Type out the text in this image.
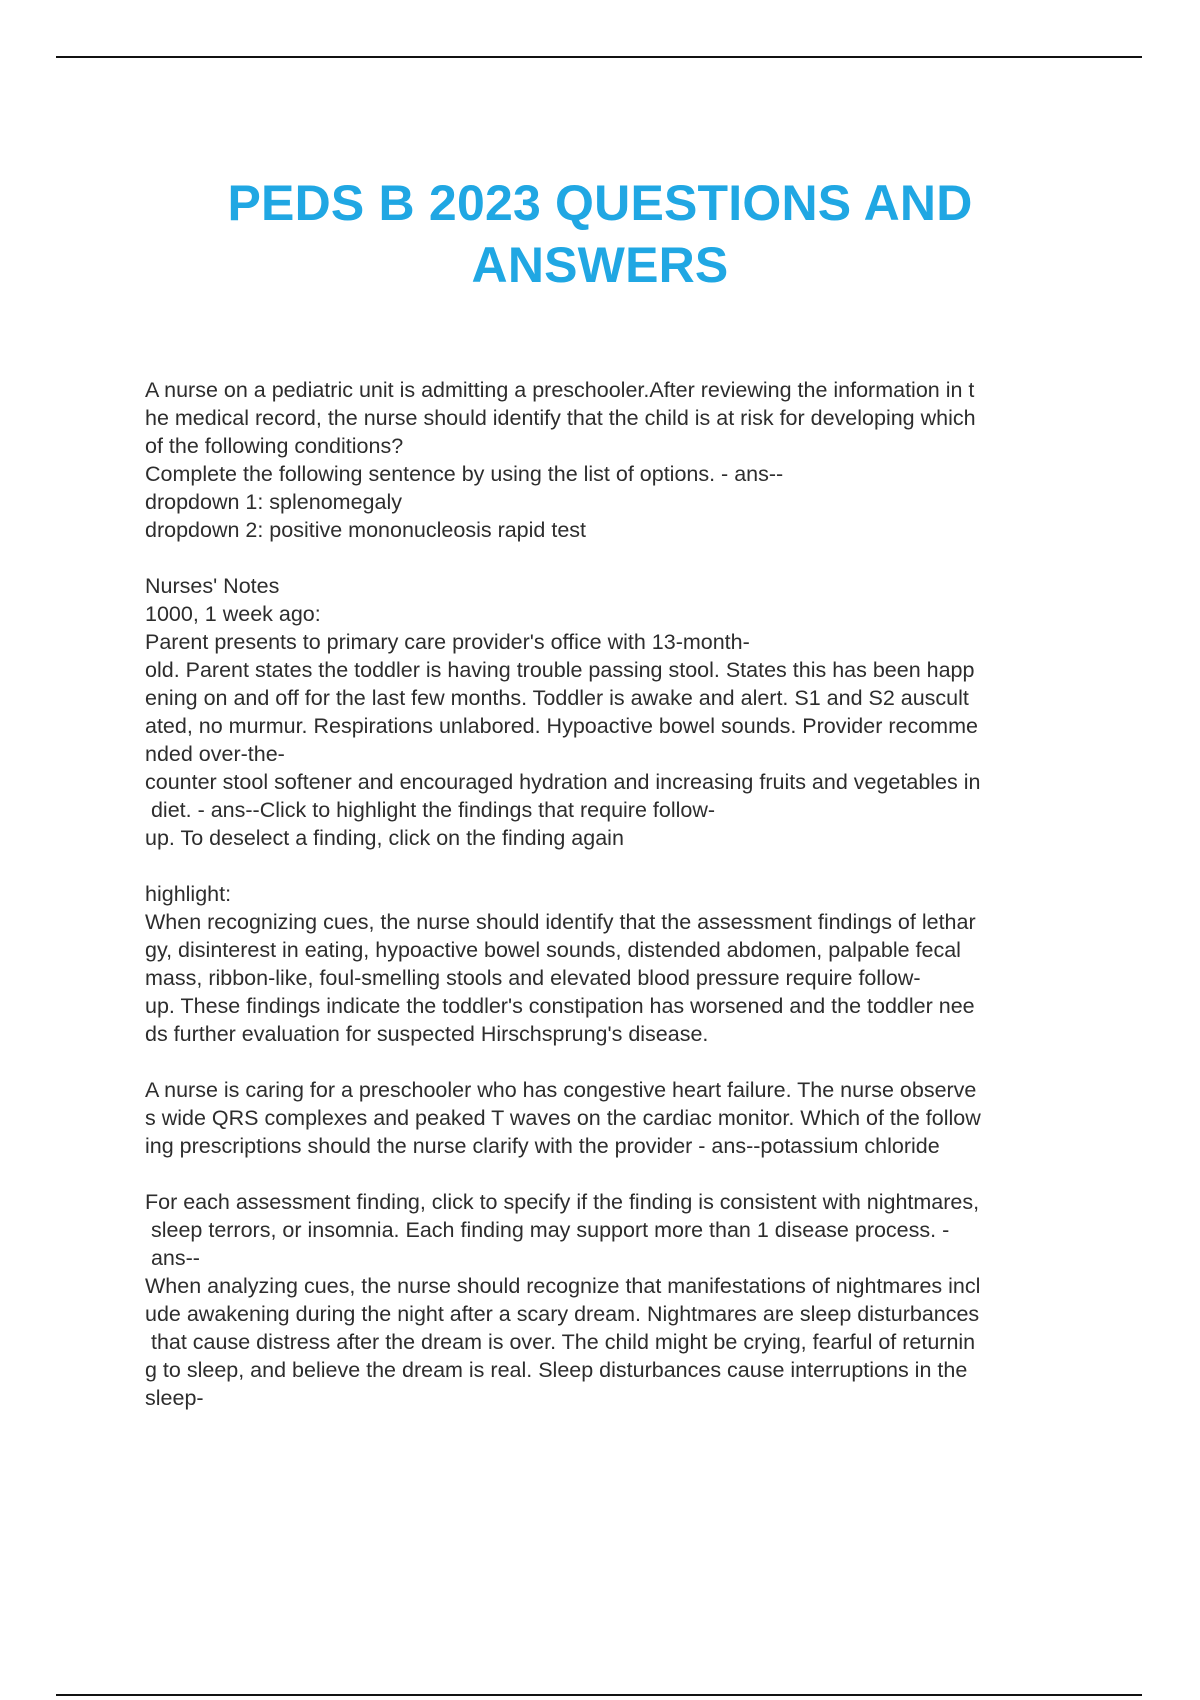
PEDS B 2023 QUESTIONS AND
ANSWERS
A nurse on a pediatric unit is admitting a preschooler.After reviewing the information in t
he medical record, the nurse should identify that the child is at risk for developing which
of the following conditions?
Complete the following sentence by using the list of options. - ans--
dropdown 1: splenomegaly
dropdown 2: positive mononucleosis rapid test
Nurses' Notes
1000, 1 week ago:
Parent presents to primary care provider's office with 13-month-
old. Parent states the toddler is having trouble passing stool. States this has been happ
ening on and off for the last few months. Toddler is awake and alert. S1 and S2 auscult
ated, no murmur. Respirations unlabored. Hypoactive bowel sounds. Provider recomme
nded over-the-
counter stool softener and encouraged hydration and increasing fruits and vegetables in
diet. - ans--Click to highlight the findings that require follow-
up. To deselect a finding, click on the finding again
highlight:
When recognizing cues, the nurse should identify that the assessment findings of lethar
gy, disinterest in eating, hypoactive bowel sounds, distended abdomen, palpable fecal
mass, ribbon-like, foul-smelling stools and elevated blood pressure require follow-
up. These findings indicate the toddler's constipation has worsened and the toddler nee
ds further evaluation for suspected Hirschsprung's disease.
A nurse is caring for a preschooler who has congestive heart failure. The nurse observe
s wide QRS complexes and peaked T waves on the cardiac monitor. Which of the follow
ing prescriptions should the nurse clarify with the provider - ans--potassium chloride
For each assessment finding, click to specify if the finding is consistent with nightmares,
sleep terrors, or insomnia. Each finding may support more than 1 disease process. -
ans--
When analyzing cues, the nurse should recognize that manifestations of nightmares incl
ude awakening during the night after a scary dream. Nightmares are sleep disturbances
that cause distress after the dream is over. The child might be crying, fearful of returnin
g to sleep, and believe the dream is real. Sleep disturbances cause interruptions in the
sleep-
